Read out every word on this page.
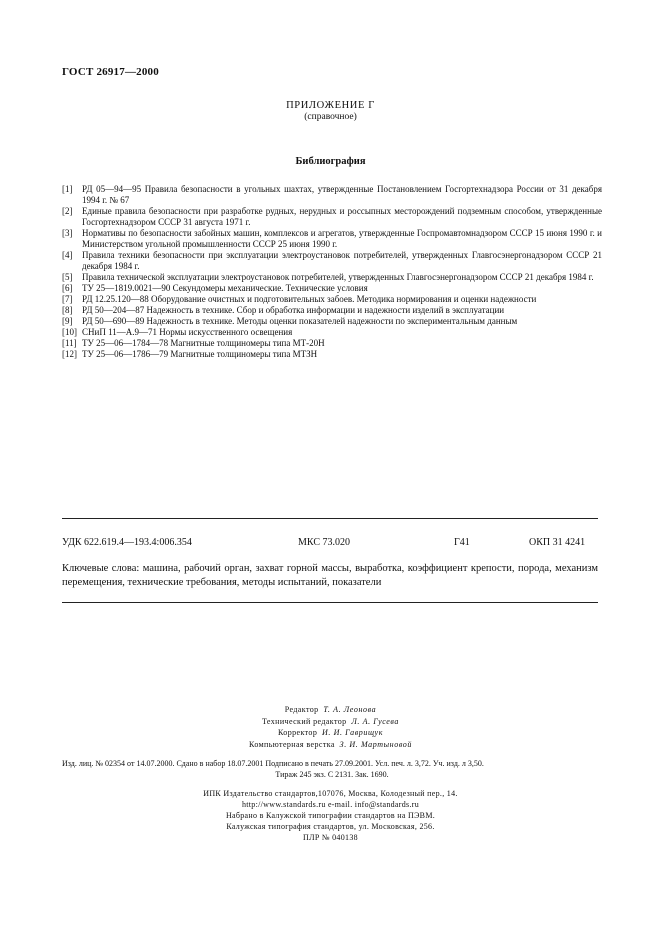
ГОСТ 26917—2000
ПРИЛОЖЕНИЕ Г
(справочное)
Библиография
[1]	РД 05—94—95 Правила безопасности в угольных шахтах, утвержденные Постановлением Госгортехнадзора России от 31 декабря 1994 г. № 67
[2]	Единые правила безопасности при разработке рудных, нерудных и россыпных месторождений подземным способом, утвержденные Госгортехнадзором СССР 31 августа 1971 г.
[3]	Нормативы по безопасности забойных машин, комплексов и агрегатов, утвержденные Госпромавтомнадзором СССР 15 июня 1990 г. и Министерством угольной промышленности СССР 25 июня 1990 г.
[4]	Правила техники безопасности при эксплуатации электроустановок потребителей, утвержденных Главгосэнергонадзором СССР 21 декабря 1984 г.
[5]	Правила технической эксплуатации электроустановок потребителей, утвержденных Главгосэнергонадзором СССР 21 декабря 1984 г.
[6]	ТУ 25—1819.0021—90 Секундомеры механические. Технические условия
[7]	РД 12.25.120—88 Оборудование очистных и подготовительных забоев. Методика нормирования и оценки надежности
[8]	РД 50—204—87 Надежность в технике. Сбор и обработка информации и надежности изделий в эксплуатации
[9]	РД 50—690—89 Надежность в технике. Методы оценки показателей надежности по экспериментальным данным
[10] СНиП 11—А.9—71 Нормы искусственного освещения
[11] ТУ 25—06—1784—78 Магнитные толщиномеры типа МТ-20Н
[12] ТУ 25—06—1786—79 Магнитные толщиномеры типа МТЗН
УДК 622.619.4—193.4:006.354	МКС 73.020	Г41	ОКП 31 4241
Ключевые слова: машина, рабочий орган, захват горной массы, выработка, коэффициент крепости, порода, механизм перемещения, технические требования, методы испытаний, показатели
Редактор Т. А. Леонова
Технический редактор Л. А. Гусева
Корректор И. И. Гаврищук
Компьютерная верстка З. И. Мартыновой
Изд. лиц. № 02354 от 14.07.2000. Сдано в набор 18.07.2001 Подписано в печать 27.09.2001. Усл. печ. л. 3,72. Уч. изд. л 3,50.
Тираж 245 экз. С 2131. Зак. 1690.
ИПК Издательство стандартов,107076, Москва, Колодезный пер., 14.
http://www.standards.ru e-mail. info@standards.ru
Набрано в Калужской типографии стандартов на ПЭВМ.
Калужская типография стандартов, ул. Московская, 256.
ПЛР № 040138
